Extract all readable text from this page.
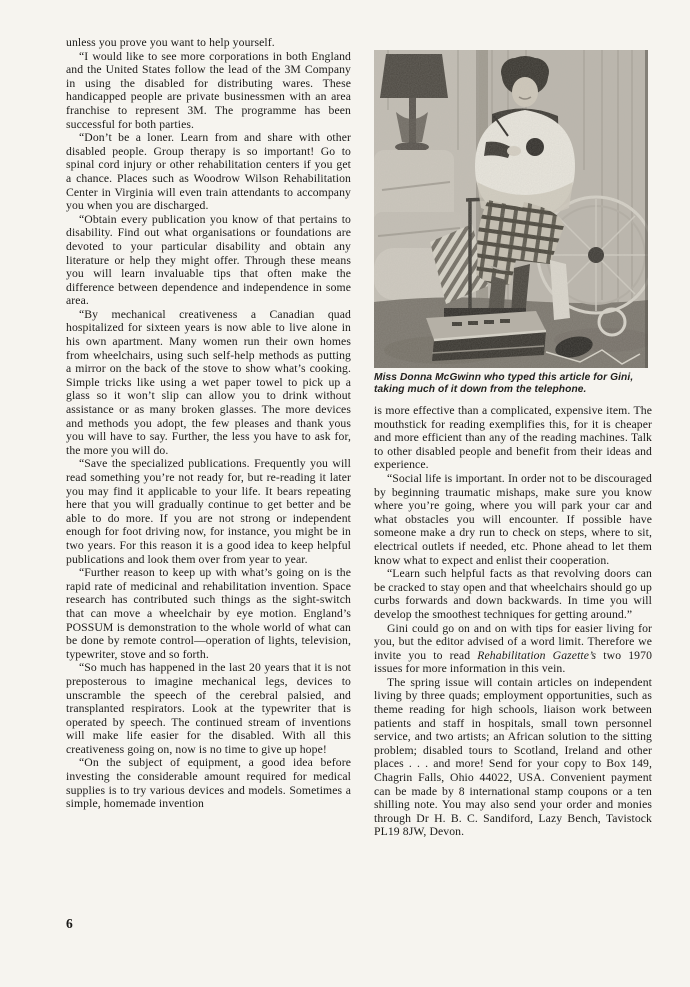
unless you prove you want to help yourself.

“I would like to see more corporations in both England and the United States follow the lead of the 3M Company in using the disabled for distributing wares. These handicapped people are private businessmen with an area franchise to represent 3M. The programme has been successful for both parties.

“Don’t be a loner. Learn from and share with other disabled people. Group therapy is so important! Go to spinal cord injury or other rehabilitation centers if you get a chance. Places such as Woodrow Wilson Rehabilitation Center in Virginia will even train attendants to accompany you when you are discharged.

“Obtain every publication you know of that pertains to disability. Find out what organisations or foundations are devoted to your particular disability and obtain any literature or help they might offer. Through these means you will learn invaluable tips that often make the difference between dependence and independence in some area.

“By mechanical creativeness a Canadian quad hospitalized for sixteen years is now able to live alone in his own apartment. Many women run their own homes from wheelchairs, using such self-help methods as putting a mirror on the back of the stove to show what’s cooking. Simple tricks like using a wet paper towel to pick up a glass so it won’t slip can allow you to drink without assistance or as many broken glasses. The more devices and methods you adopt, the few pleases and thank yous you will have to say. Further, the less you have to ask for, the more you will do.

“Save the specialized publications. Frequently you will read something you’re not ready for, but re-reading it later you may find it applicable to your life. It bears repeating here that you will gradually continue to get better and be able to do more. If you are not strong or independent enough for foot driving now, for instance, you might be in two years. For this reason it is a good idea to keep helpful publications and look them over from year to year.

“Further reason to keep up with what’s going on is the rapid rate of medicinal and rehabilitation invention. Space research has contributed such things as the sight-switch that can move a wheelchair by eye motion. England’s POSSUM is demonstration to the whole world of what can be done by remote control—operation of lights, television, typewriter, stove and so forth.

“So much has happened in the last 20 years that it is not preposterous to imagine mechanical legs, devices to unscramble the speech of the cerebral palsied, and transplanted respirators. Look at the typewriter that is operated by speech. The continued stream of inventions will make life easier for the disabled. With all this creativeness going on, now is no time to give up hope!

“On the subject of equipment, a good idea before investing the considerable amount required for medical supplies is to try various devices and models. Sometimes a simple, homemade invention

Miss Donna McGwinn who typed this article for Gini,
taking much of it down from the telephone.

is more effective than a complicated, expensive item. The mouthstick for reading exemplifies this, for it is cheaper and more efficient than any of the reading machines. Talk to other disabled people and benefit from their ideas and experience.

“Social life is important. In order not to be discouraged by beginning traumatic mishaps, make sure you know where you’re going, where you will park your car and what obstacles you will encounter. If possible have someone make a dry run to check on steps, where to sit, electrical outlets if needed, etc. Phone ahead to let them know what to expect and enlist their cooperation.

“Learn such helpful facts as that revolving doors can be cracked to stay open and that wheelchairs should go up curbs forwards and down backwards. In time you will develop the smoothest techniques for getting around.”

Gini could go on and on with tips for easier living for you, but the editor advised of a word limit. Therefore we invite you to read Rehabilitation Gazette’s two 1970 issues for more information in this vein.

The spring issue will contain articles on independent living by three quads; employment opportunities, such as theme reading for high schools, liaison work between patients and staff in hospitals, small town personnel service, and two artists; an African solution to the sitting problem; disabled tours to Scotland, Ireland and other places . . . and more! Send for your copy to Box 149, Chagrin Falls, Ohio 44022, USA. Convenient payment can be made by 8 international stamp coupons or a ten shilling note. You may also send your order and monies through Dr H. B. C. Sandiford, Lazy Bench, Tavistock PL19 8JW, Devon.

6
